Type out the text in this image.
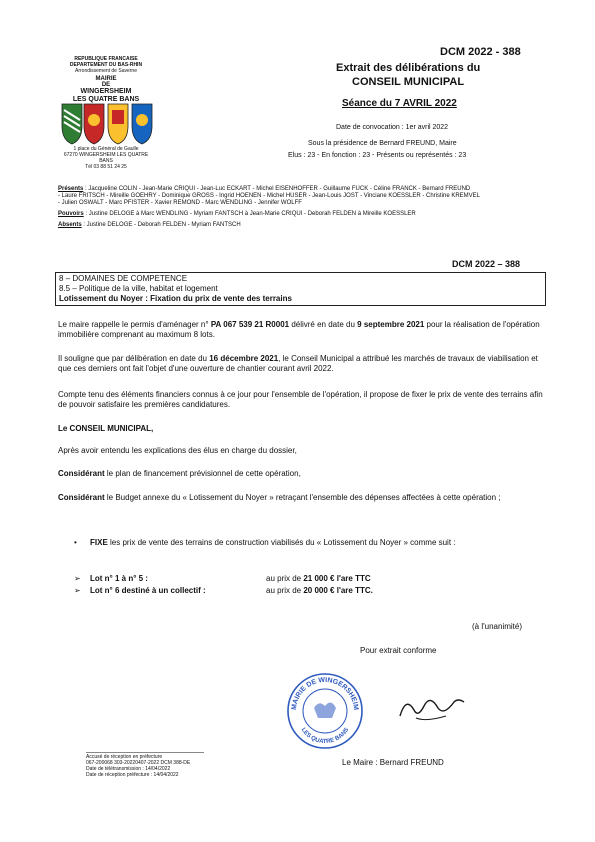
REPUBLIQUE FRANCAISE
DEPARTEMENT DU BAS-RHIN
Arrondissement de Saverne
MAIRIE
DE
WINGERSHEIM
LES QUATRE BANS
1 place du Général de Gaulle
67270 WINGERSHEIM LES QUATRE BANS
Tél 03 88 51 24 25
DCM 2022 - 388
Extrait des délibérations du
CONSEIL MUNICIPAL
Séance du 7 AVRIL 2022
Date de convocation : 1er avril 2022
Sous la présidence de Bernard FREUND, Maire
Elus : 23 - En fonction : 23 - Présents ou représentés : 23
Présents : Jacqueline COLIN - Jean-Marie CRIQUI - Jean-Luc ECKART - Michel EISENHOFFER - Guillaume FUCK - Céline FRANCK - Bernard FREUND
- Laure FRITSCH - Mireille GOEHRY - Dominique GROSS - Ingrid HOENEN - Michel HUSER - Jean-Louis JOST - Vinciane KOESSLER - Christine KREMVEL
- Julien OSWALT - Marc PFISTER - Xavier REMOND - Marc WENDLING - Jennifer WOLFF
Pouvoirs : Justine DELOGE à Marc WENDLING - Myriam FANTSCH à Jean-Marie CRIQUI - Deborah FELDEN à Mireille KOESSLER
Absents : Justine DELOGE - Deborah FELDEN - Myriam FANTSCH
DCM 2022 – 388
8 – DOMAINES DE COMPETENCE
8.5 – Politique de la ville, habitat et logement
Lotissement du Noyer : Fixation du prix de vente des terrains
Le maire rappelle le permis d'aménager n° PA 067 539 21 R0001 délivré en date du 9 septembre 2021 pour la réalisation de l'opération immobilière comprenant au maximum 8 lots.
Il souligne que par délibération en date du 16 décembre 2021, le Conseil Municipal a attribué les marchés de travaux de viabilisation et que ces derniers ont fait l'objet d'une ouverture de chantier courant avril 2022.
Compte tenu des éléments financiers connus à ce jour pour l'ensemble de l'opération, il propose de fixer le prix de vente des terrains afin de pouvoir satisfaire les premières candidatures.
Le CONSEIL MUNICIPAL,
Après avoir entendu les explications des élus en charge du dossier,
Considérant le plan de financement prévisionnel de cette opération,
Considérant le Budget annexe du « Lotissement du Noyer » retraçant l'ensemble des dépenses affectées à cette opération ;
•	FIXE les prix de vente des terrains de construction viabilisés du « Lotissement du Noyer » comme suit :
➢ Lot n° 1 à n° 5 :	au prix de 21 000 € l'are TTC
➢ Lot n° 6 destiné à un collectif :	au prix de 20 000 € l'are TTC.
(à l'unanimité)
Pour extrait conforme
MAIRIE DE WINGERSHEIM
LES QUATRE BANS
Le Maire : Bernard FREUND
Accusé de réception en préfecture
067-200068 303-20220407-2022 DCM 388-DE
Date de télétransmission : 14/04/2022
Date de réception préfecture : 14/04/2022
